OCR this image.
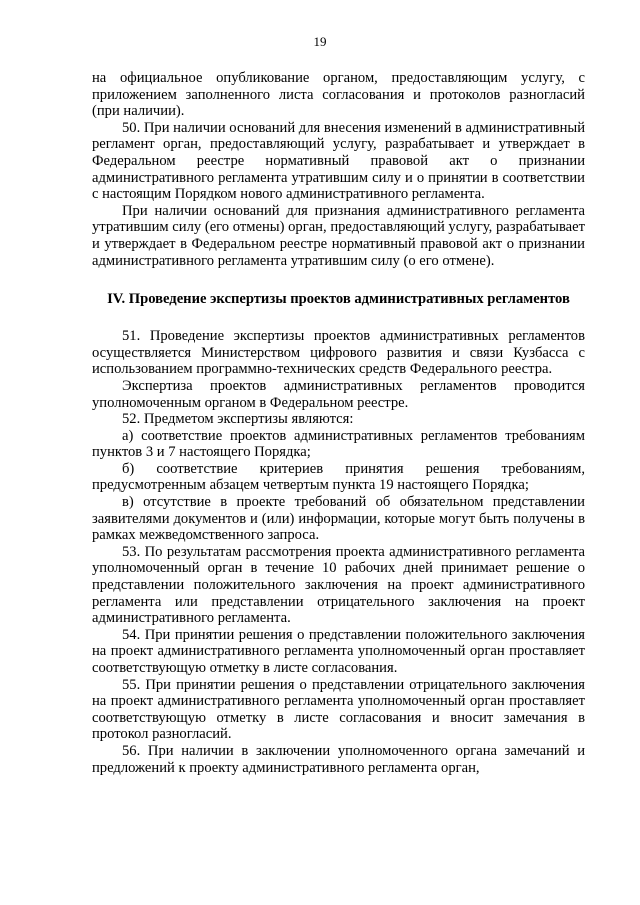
19

на официальное опубликование органом, предоставляющим услугу, с приложением заполненного листа согласования и протоколов разногласий (при наличии).

50. При наличии оснований для внесения изменений в административный регламент орган, предоставляющий услугу, разрабатывает и утверждает в Федеральном реестре нормативный правовой акт о признании административного регламента утратившим силу и о принятии в соответствии с настоящим Порядком нового административного регламента.

При наличии оснований для признания административного регламента утратившим силу (его отмены) орган, предоставляющий услугу, разрабатывает и утверждает в Федеральном реестре нормативный правовой акт о признании административного регламента утратившим силу (о его отмене).

IV. Проведение экспертизы проектов административных регламентов

51. Проведение экспертизы проектов административных регламентов осуществляется Министерством цифрового развития и связи Кузбасса с использованием программно-технических средств Федерального реестра.

Экспертиза проектов административных регламентов проводится уполномоченным органом в Федеральном реестре.

52. Предметом экспертизы являются:

а) соответствие проектов административных регламентов требованиям пунктов 3 и 7 настоящего Порядка;

б) соответствие критериев принятия решения требованиям, предусмотренным абзацем четвертым пункта 19 настоящего Порядка;

в) отсутствие в проекте требований об обязательном представлении заявителями документов и (или) информации, которые могут быть получены в рамках межведомственного запроса.

53. По результатам рассмотрения проекта административного регламента уполномоченный орган в течение 10 рабочих дней принимает решение о представлении положительного заключения на проект административного регламента или представлении отрицательного заключения на проект административного регламента.

54. При принятии решения о представлении положительного заключения на проект административного регламента уполномоченный орган проставляет соответствующую отметку в листе согласования.

55. При принятии решения о представлении отрицательного заключения на проект административного регламента уполномоченный орган проставляет соответствующую отметку в листе согласования и вносит замечания в протокол разногласий.

56. При наличии в заключении уполномоченного органа замечаний и предложений к проекту административного регламента орган,
